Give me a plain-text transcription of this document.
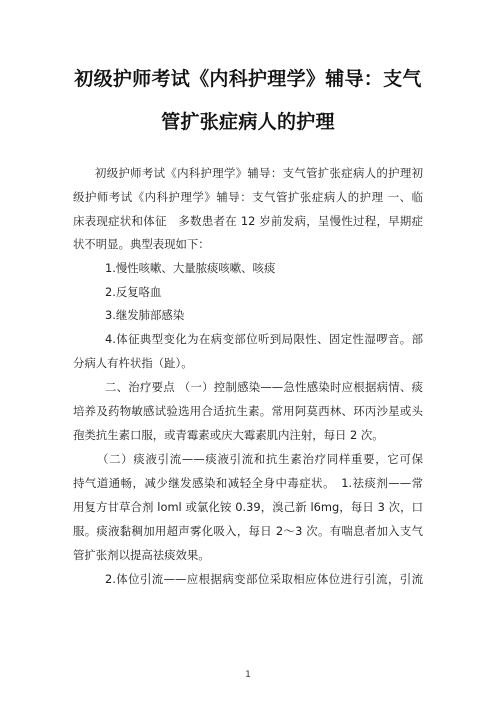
初级护师考试《内科护理学》辅导：支气
管扩张症病人的护理
初级护师考试《内科护理学》辅导：支气管扩张症病人的护理初
级护师考试《内科护理学》辅导：支气管扩张症病人的护理 一、临
床表现症状和体征　多数患者在 12 岁前发病，呈慢性过程，早期症
状不明显。典型表现如下：
1.慢性咳嗽、大量脓痰咳嗽、咳痰
2.反复咯血
3.继发肺部感染
4.体征典型变化为在病变部位听到局限性、固定性湿啰音。部
分病人有杵状指（趾）。
二、治疗要点 （一）控制感染——急性感染时应根据病情、痰
培养及药物敏感试验选用合适抗生素。常用阿莫西林、环丙沙星或头
孢类抗生素口服，或青霉素或庆大霉素肌内注射，每日 2 次。
（二）痰液引流——痰液引流和抗生素治疗同样重要，它可保
持气道通畅，减少继发感染和减轻全身中毒症状。　1.祛痰剂——常
用复方甘草合剂 loml 或氯化铵 0.39，溴己新 l6mg，每日 3 次，口
服。痰液黏稠加用超声雾化吸入，每日 2～3 次。有喘息者加入支气
管扩张剂以提高祛痰效果。
2.体位引流——应根据病变部位采取相应体位进行引流，引流
1
